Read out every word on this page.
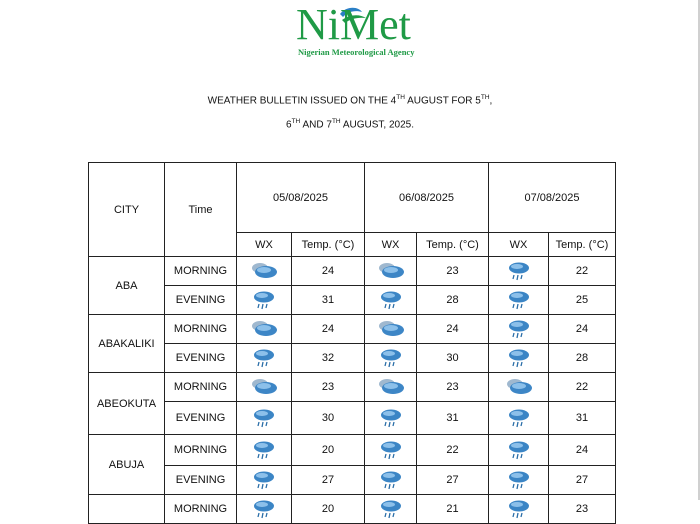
NiMet
Nigerian Meteorological Agency
WEATHER BULLETIN ISSUED ON THE 4TH AUGUST FOR 5TH,
6TH AND 7TH AUGUST, 2025.
CITY	Time	05/08/2025		06/08/2025		07/08/2025	
		WX	Temp. (°C)	WX	Temp. (°C)	WX	Temp. (°C)
ABA	MORNING		24		23		22
	EVENING		31		28		25
ABAKALIKI	MORNING		24		24		24
	EVENING		32		30		28
ABEOKUTA	MORNING		23		23		22
	EVENING		30		31		31
ABUJA	MORNING		20		22		24
	EVENING		27		27		27
	MORNING		20		21		23
